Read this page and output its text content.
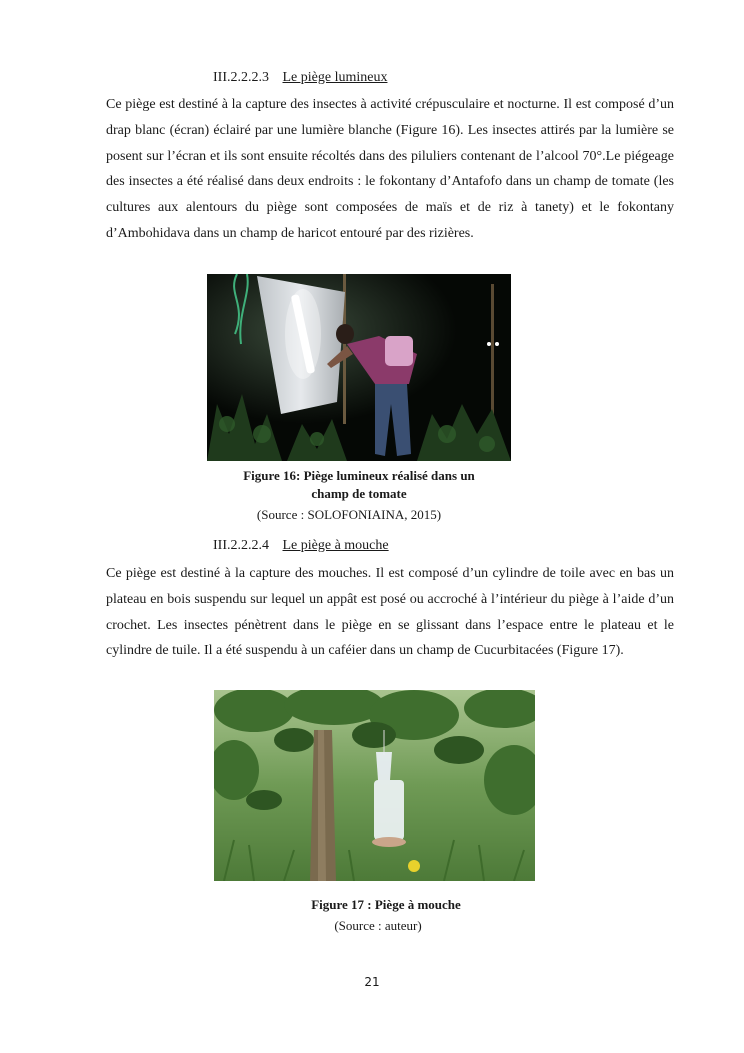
III.2.2.2.3 Le piège lumineux

Ce piège est destiné à la capture des insectes à activité crépusculaire et nocturne. Il est composé d’un drap blanc (écran) éclairé par une lumière blanche (Figure 16). Les insectes attirés par la lumière se posent sur l’écran et ils sont ensuite récoltés dans des piluliers contenant de l’alcool 70°.Le piégeage des insectes a été réalisé dans deux endroits : le fokontany d’Antafofo dans un champ de tomate (les cultures aux alentours du piège sont composées de maïs et de riz à tanety) et le fokontany d’Ambohidava dans un champ de haricot entouré par des rizières.

Figure 16: Piège lumineux réalisé dans un
champ de tomate
(Source : SOLOFONIAINA, 2015)
III.2.2.2.4 Le piège à mouche

Ce piège est destiné à la capture des mouches. Il est composé d’un cylindre de toile avec en bas un plateau en bois suspendu sur lequel un appât est posé ou accroché à l’intérieur du piège à l’aide d’un crochet. Les insectes pénètrent dans le piège en se glissant dans l’espace entre le plateau et le cylindre de tuile. Il a été suspendu à un caféier dans un champ de Cucurbitacées (Figure 17).

Figure 17 : Piège à mouche
(Source : auteur)
21
